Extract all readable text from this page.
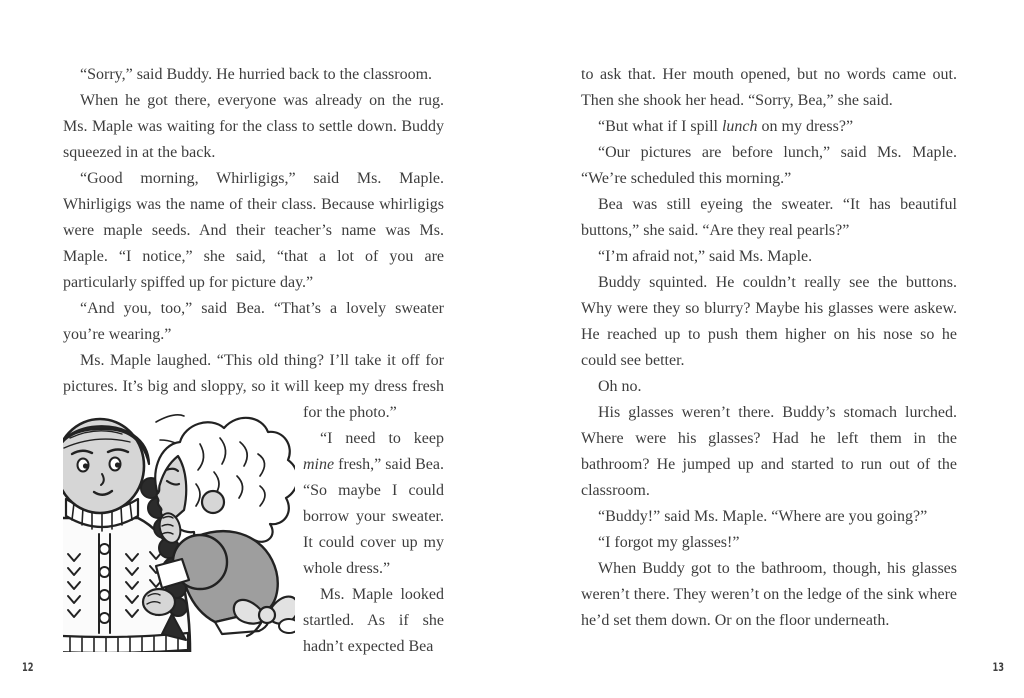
“Sorry,” said Buddy. He hurried back to the classroom.

When he got there, everyone was already on the rug. Ms. Maple was waiting for the class to settle down. Buddy squeezed in at the back.

“Good morning, Whirligigs,” said Ms. Maple. Whirligigs was the name of their class. Because whirligigs were maple seeds. And their teacher’s name was Ms. Maple. “I notice,” she said, “that a lot of you are particularly spiffed up for picture day.”

“And you, too,” said Bea. “That’s a lovely sweater you’re wearing.”

Ms. Maple laughed. “This old thing? I’ll take it off for pictures. It’s big and sloppy, so it will keep my dress fresh

for the photo.”

“I need to keep mine fresh,” said Bea. “So maybe I could borrow your sweater. It could cover up my whole dress.”

Ms. Maple looked startled. As if she hadn’t expected Bea

12

to ask that. Her mouth opened, but no words came out. Then she shook her head. “Sorry, Bea,” she said.

“But what if I spill lunch on my dress?”

“Our pictures are before lunch,” said Ms. Maple. “We’re scheduled this morning.”

Bea was still eyeing the sweater. “It has beautiful buttons,” she said. “Are they real pearls?”

“I’m afraid not,” said Ms. Maple.

Buddy squinted. He couldn’t really see the buttons. Why were they so blurry? Maybe his glasses were askew. He reached up to push them higher on his nose so he could see better.

Oh no.

His glasses weren’t there. Buddy’s stomach lurched. Where were his glasses? Had he left them in the bathroom? He jumped up and started to run out of the classroom.

“Buddy!” said Ms. Maple. “Where are you going?”

“I forgot my glasses!”

When Buddy got to the bathroom, though, his glasses weren’t there. They weren’t on the ledge of the sink where he’d set them down. Or on the floor underneath.

13
